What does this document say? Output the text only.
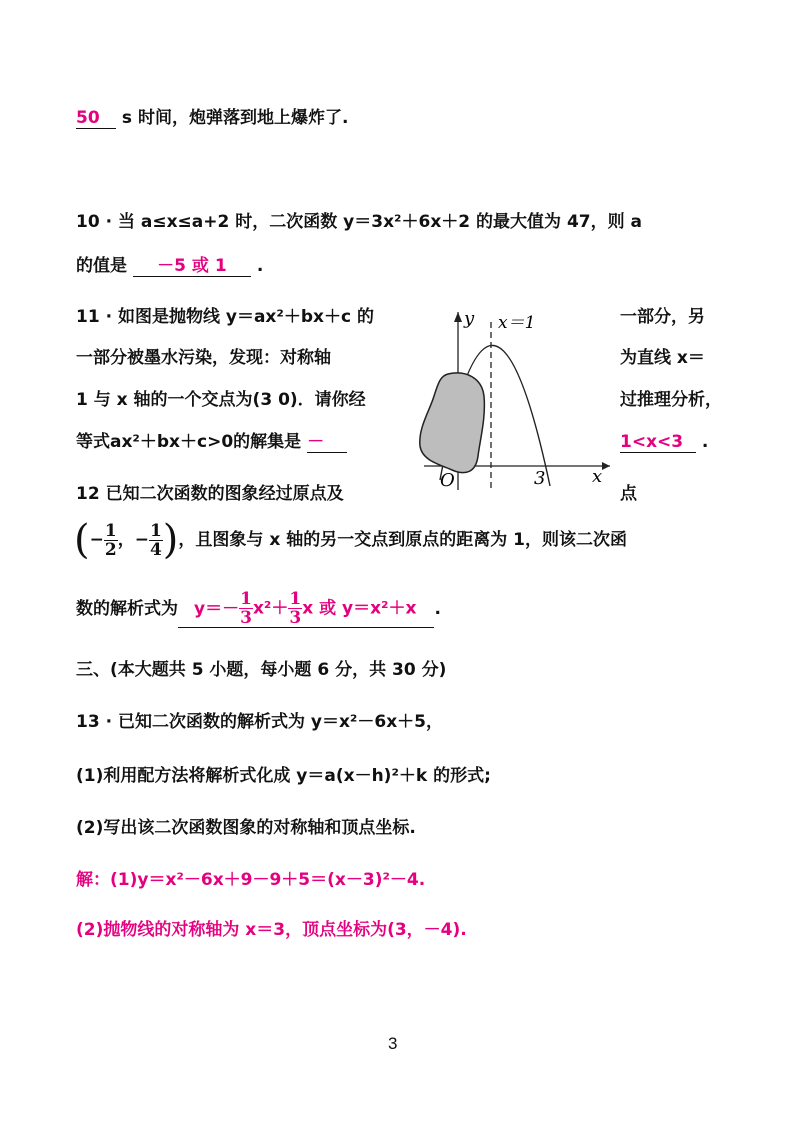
50 s 时间，炮弹落到地上爆炸了.
10 · 当 a≤x≤a+2 时，二次函数 y＝3x²＋6x＋2 的最大值为 47，则 a
的值是 －5 或 1 .
11 · 如图是抛物线 y＝ax²＋bx＋c 的	一部分，另
一部分被墨水污染，发现：对称轴	为直线 x＝
1 与 x 轴的一个交点为(3 0)．请你经	过推理分析，
等式ax²＋bx＋c>0的解集是 －	1<x<3 .
y x＝1
O	3	x
12 已知二次函数的图象经过原点及	点
(− $\frac{1}{2}$ ，− $\frac{1}{4}$ )，且图象与 x 轴的另一交点到原点的距离为 1，则该二次函
数的解析式为 $y=- \frac{1}{3} x^2+ \frac{1}{3}$ x 或 y＝x²＋x .
三、(本大题共 5 小题，每小题 6 分，共 30 分)
13 · 已知二次函数的解析式为 y＝x²－6x＋5，
(1)利用配方法将解析式化成 y＝a(x－h)²＋k 的形式;
(2)写出该二次函数图象的对称轴和顶点坐标.
解：(1)y＝x²－6x＋9－9＋5＝(x－3)²－4.
(2)抛物线的对称轴为 x＝3，顶点坐标为(3，－4).
3
